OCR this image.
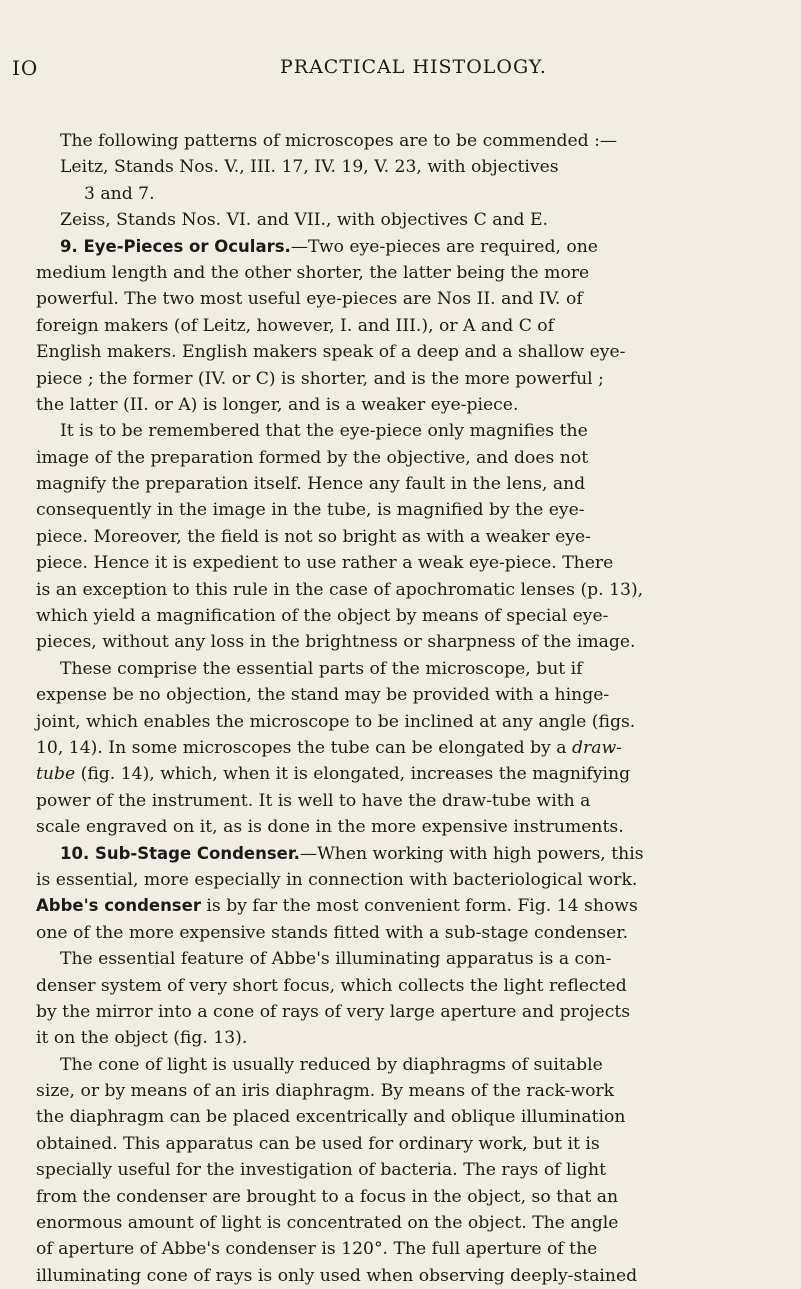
IO	PRACTICAL HISTOLOGY.
The following patterns of microscopes are to be commended :—
Leitz, Stands Nos. V., III. 17, IV. 19, V. 23, with objectives
3 and 7.
Zeiss, Stands Nos. VI. and VII., with objectives C and E.
9. Eye-Pieces or Oculars.—Two eye-pieces are required, one
medium length and the other shorter, the latter being the more
powerful. The two most useful eye-pieces are Nos II. and IV. of
foreign makers (of Leitz, however, I. and III.), or A and C of
English makers. English makers speak of a deep and a shallow eye-
piece ; the former (IV. or C) is shorter, and is the more powerful ;
the latter (II. or A) is longer, and is a weaker eye-piece.
It is to be remembered that the eye-piece only magnifies the
image of the preparation formed by the objective, and does not
magnify the preparation itself. Hence any fault in the lens, and
consequently in the image in the tube, is magnified by the eye-
piece. Moreover, the field is not so bright as with a weaker eye-
piece. Hence it is expedient to use rather a weak eye-piece. There
is an exception to this rule in the case of apochromatic lenses (p. 13),
which yield a magnification of the object by means of special eye-
pieces, without any loss in the brightness or sharpness of the image.
These comprise the essential parts of the microscope, but if
expense be no objection, the stand may be provided with a hinge-
joint, which enables the microscope to be inclined at any angle (figs.
10, 14). In some microscopes the tube can be elongated by a draw-
tube (fig. 14), which, when it is elongated, increases the magnifying
power of the instrument. It is well to have the draw-tube with a
scale engraved on it, as is done in the more expensive instruments.
10. Sub-Stage Condenser.—When working with high powers, this
is essential, more especially in connection with bacteriological work.
Abbe's condenser is by far the most convenient form. Fig. 14 shows
one of the more expensive stands fitted with a sub-stage condenser.
The essential feature of Abbe's illuminating apparatus is a con-
denser system of very short focus, which collects the light reflected
by the mirror into a cone of rays of very large aperture and projects
it on the object (fig. 13).
The cone of light is usually reduced by diaphragms of suitable
size, or by means of an iris diaphragm. By means of the rack-work
the diaphragm can be placed excentrically and oblique illumination
obtained. This apparatus can be used for ordinary work, but it is
specially useful for the investigation of bacteria. The rays of light
from the condenser are brought to a focus in the object, so that an
enormous amount of light is concentrated on the object. The angle
of aperture of Abbe's condenser is 120°. The full aperture of the
illuminating cone of rays is only used when observing deeply-stained
